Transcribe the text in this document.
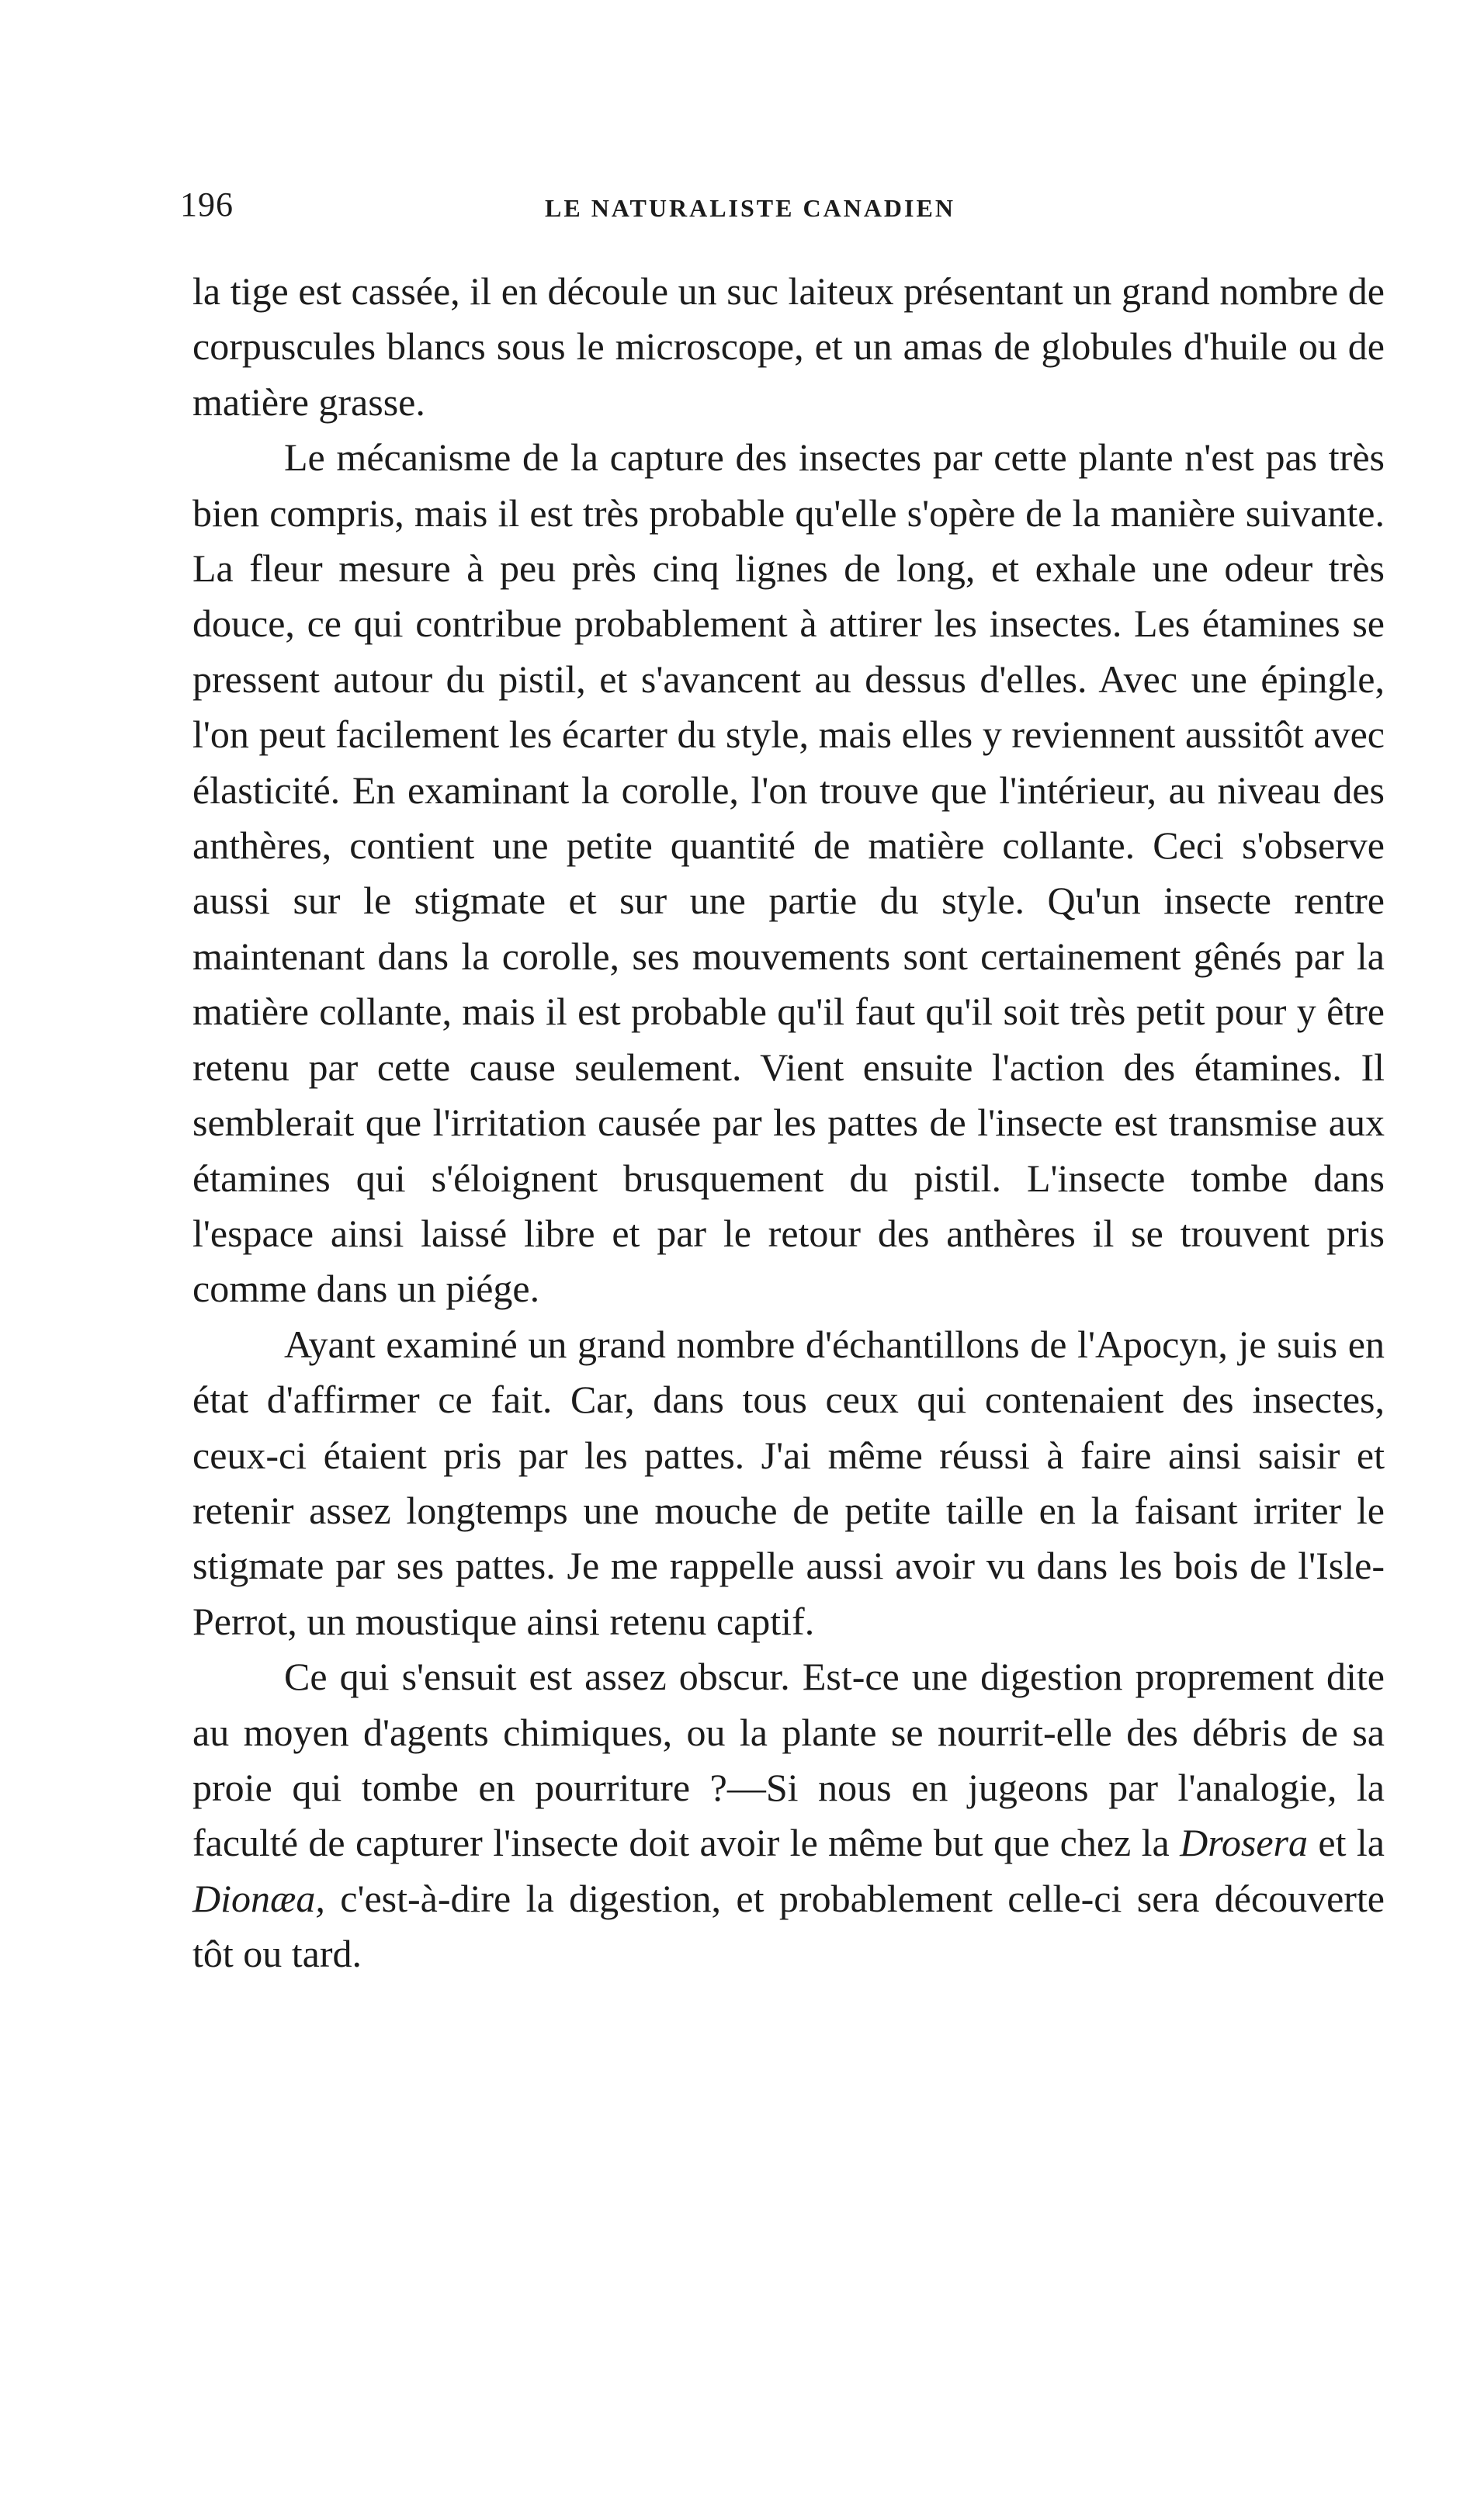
196	LE NATURALISTE CANADIEN

la tige est cassée, il en découle un suc laiteux présentant un grand nombre de corpuscules blancs sous le microscope, et un amas de globules d'huile ou de matière grasse.

Le mécanisme de la capture des insectes par cette plante n'est pas très bien compris, mais il est très probable qu'elle s'opère de la manière suivante. La fleur mesure à peu près cinq lignes de long, et exhale une odeur très douce, ce qui contribue probablement à attirer les insectes. Les étamines se pressent autour du pistil, et s'avancent au dessus d'elles. Avec une épingle, l'on peut facilement les écarter du style, mais elles y reviennent aussitôt avec élasticité. En examinant la corolle, l'on trouve que l'intérieur, au niveau des anthères, contient une petite quantité de matière collante. Ceci s'observe aussi sur le stigmate et sur une partie du style. Qu'un insecte rentre maintenant dans la corolle, ses mouvements sont certainement gênés par la matière collante, mais il est probable qu'il faut qu'il soit très petit pour y être retenu par cette cause seulement. Vient ensuite l'action des étamines. Il semblerait que l'irritation causée par les pattes de l'insecte est transmise aux étamines qui s'éloignent brusquement du pistil. L'insecte tombe dans l'espace ainsi laissé libre et par le retour des anthères il se trouvent pris comme dans un piége.

Ayant examiné un grand nombre d'échantillons de l'Apocyn, je suis en état d'affirmer ce fait. Car, dans tous ceux qui contenaient des insectes, ceux-ci étaient pris par les pattes. J'ai même réussi à faire ainsi saisir et retenir assez longtemps une mouche de petite taille en la faisant irriter le stigmate par ses pattes. Je me rappelle aussi avoir vu dans les bois de l'Isle-Perrot, un moustique ainsi retenu captif.

Ce qui s'ensuit est assez obscur. Est-ce une digestion proprement dite au moyen d'agents chimiques, ou la plante se nourrit-elle des débris de sa proie qui tombe en pourriture ?—Si nous en jugeons par l'analogie, la faculté de capturer l'insecte doit avoir le même but que chez la Drosera et la Dionæa, c'est-à-dire la digestion, et probablement celle-ci sera découverte tôt ou tard.
